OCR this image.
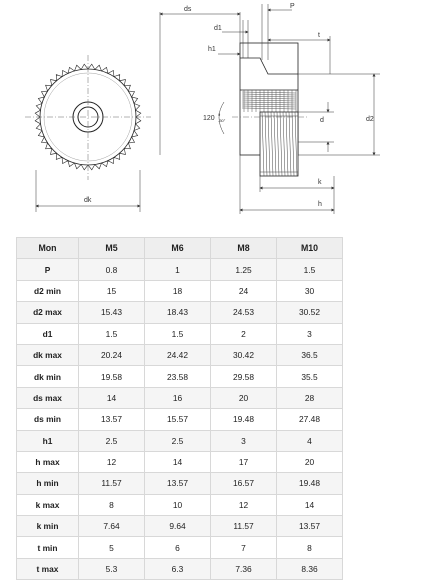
dk
ds
d1
P
h1
t
120
0
-30°	d	d2
k
h
Mon	M5	M6	M8	M10
P	0.8	1	1.25	1.5
d2 min	15	18	24	30
d2 max	15.43	18.43	24.53	30.52
d1	1.5	1.5	2	3
dk max	20.24	24.42	30.42	36.5
dk min	19.58	23.58	29.58	35.5
ds max	14	16	20	28
ds min	13.57	15.57	19.48	27.48
h1	2.5	2.5	3	4
h max	12	14	17	20
h min	11.57	13.57	16.57	19.48
k max	8	10	12	14
k min	7.64	9.64	11.57	13.57
t min	5	6	7	8
t max	5.3	6.3	7.36	8.36
